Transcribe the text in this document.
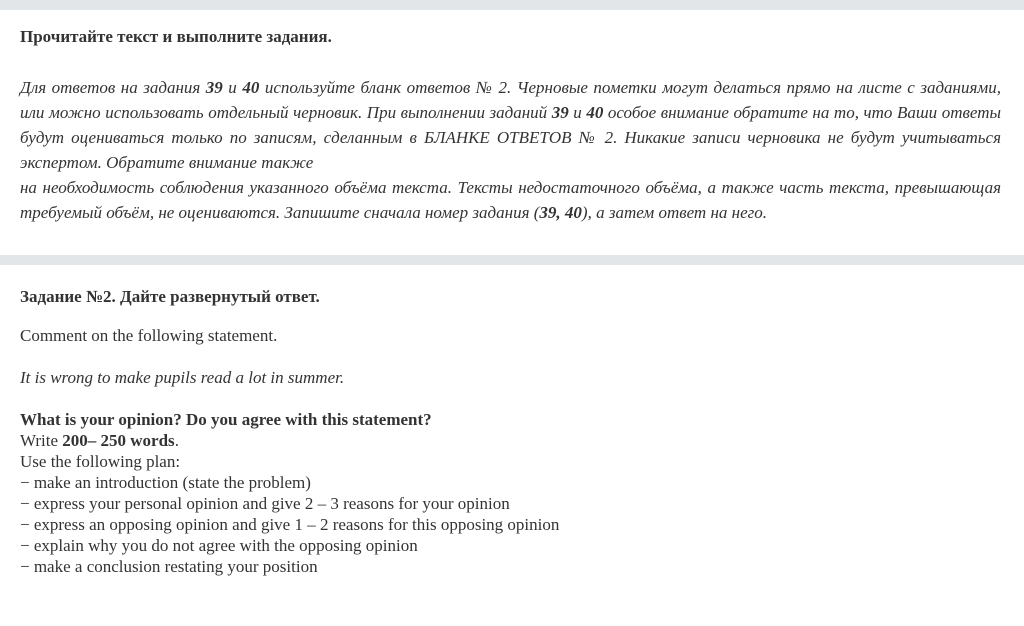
Прочитайте текст и выполните задания.
Для ответов на задания 39 и 40 используйте бланк ответов № 2. Черновые пометки могут делаться прямо на листе с заданиями, или можно использовать отдельный черновик. При выполнении заданий 39 и 40 особое внимание обратите на то, что Ваши ответы будут оцениваться только по записям, сделанным в БЛАНКЕ ОТВЕТОВ № 2. Никакие записи черновика не будут учитываться экспертом. Обратите внимание также
на необходимость соблюдения указанного объёма текста. Тексты недостаточного объёма, а также часть текста, превышающая требуемый объём, не оцениваются. Запишите сначала номер задания (39, 40), а затем ответ на него.
Задание №2. Дайте развернутый ответ.
Comment on the following statement.
It is wrong to make pupils read a lot in summer.
What is your opinion? Do you agree with this statement?
Write 200– 250 words.
Use the following plan:
− make an introduction (state the problem)
− express your personal opinion and give 2 – 3 reasons for your opinion
− express an opposing opinion and give 1 – 2 reasons for this opposing opinion
− explain why you do not agree with the opposing opinion
− make a conclusion restating your position
